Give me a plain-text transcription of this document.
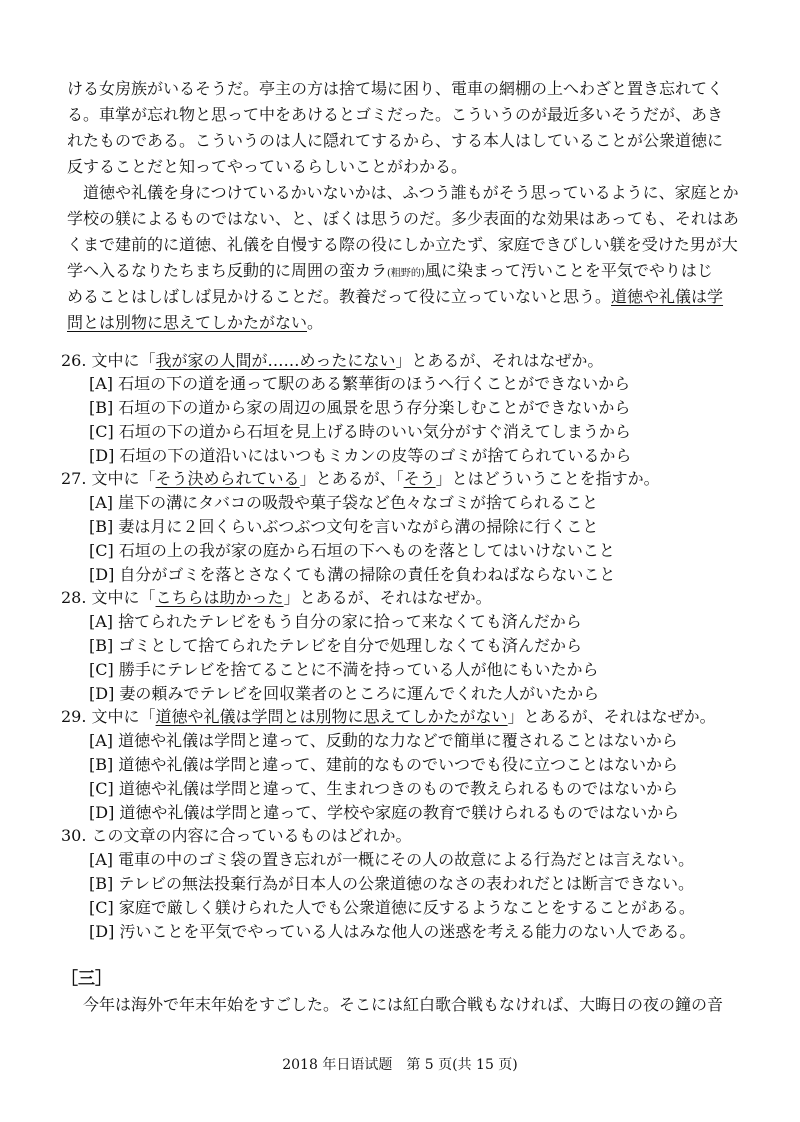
ける女房族がいるそうだ。亭主の方は捨て場に困り、電車の網棚の上へわざと置き忘れてく
る。車掌が忘れ物と思って中をあけるとゴミだった。こういうのが最近多いそうだが、あき
れたものである。こういうのは人に隠れてするから、する本人はしていることが公衆道徳に
反することだと知ってやっているらしいことがわかる。
道徳や礼儀を身につけているかいないかは、ふつう誰もがそう思っているように、家庭とか
学校の躾によるものではない、と、ぼくは思うのだ。多少表面的な効果はあっても、それはあ
くまで建前的に道徳、礼儀を自慢する際の役にしか立たず、家庭できびしい躾を受けた男が大
学へ入るなりたちまち反動的に周囲の蛮カラ(粗野的)風に染まって汚いことを平気でやりはじ
めることはしばしば見かけることだ。教養だって役に立っていないと思う。道徳や礼儀は学
問とは別物に思えてしかたがない。
26. 文中に「我が家の人間が……めったにない」とあるが、それはなぜか。
[A] 石垣の下の道を通って駅のある繁華街のほうへ行くことができないから
[B] 石垣の下の道から家の周辺の風景を思う存分楽しむことができないから
[C] 石垣の下の道から石垣を見上げる時のいい気分がすぐ消えてしまうから
[D] 石垣の下の道沿いにはいつもミカンの皮等のゴミが捨てられているから
27. 文中に「そう決められている」とあるが、「そう」とはどういうことを指すか。
[A] 崖下の溝にタバコの吸殻や菓子袋など色々なゴミが捨てられること
[B] 妻は月に２回くらいぶつぶつ文句を言いながら溝の掃除に行くこと
[C] 石垣の上の我が家の庭から石垣の下へものを落としてはいけないこと
[D] 自分がゴミを落とさなくても溝の掃除の責任を負わねばならないこと
28. 文中に「こちらは助かった」とあるが、それはなぜか。
[A] 捨てられたテレビをもう自分の家に拾って来なくても済んだから
[B] ゴミとして捨てられたテレビを自分で処理しなくても済んだから
[C] 勝手にテレビを捨てることに不満を持っている人が他にもいたから
[D] 妻の頼みでテレビを回収業者のところに運んでくれた人がいたから
29. 文中に「道徳や礼儀は学問とは別物に思えてしかたがない」とあるが、それはなぜか。
[A] 道徳や礼儀は学問と違って、反動的な力などで簡単に覆されることはないから
[B] 道徳や礼儀は学問と違って、建前的なものでいつでも役に立つことはないから
[C] 道徳や礼儀は学問と違って、生まれつきのもので教えられるものではないから
[D] 道徳や礼儀は学問と違って、学校や家庭の教育で躾けられるものではないから
30. この文章の内容に合っているものはどれか。
[A] 電車の中のゴミ袋の置き忘れが一概にその人の故意による行為だとは言えない。
[B] テレビの無法投棄行為が日本人の公衆道徳のなさの表われだとは断言できない。
[C] 家庭で厳しく躾けられた人でも公衆道徳に反するようなことをすることがある。
[D] 汚いことを平気でやっている人はみな他人の迷惑を考える能力のない人である。
［三］
今年は海外で年末年始をすごした。そこには紅白歌合戦もなければ、大晦日の夜の鐘の音
2018 年日语试题　第 5 页(共 15 页)
